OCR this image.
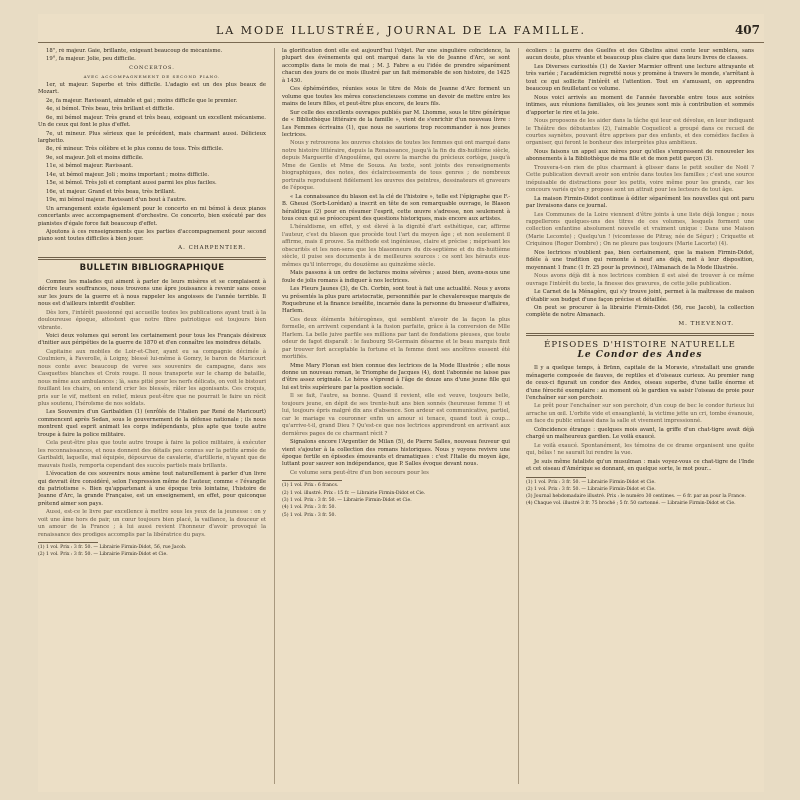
LA MODE ILLUSTRÉE, JOURNAL DE LA FAMILLE.	407

18°, ré majeur. Gaie, brillante, exigeant beaucoup de mécanisme.

19°, fa majeur. Jolie, peu difficile.

CONCERTOS.

AVEC ACCOMPAGNEMENT DE SECOND PIANO.

1er, ut majeur. Superbe et très difficile. L'adagio est un des plus beaux de Mozart.

2e, fa majeur. Ravissant, aimable et gai ; moins difficile que le premier.

4e, si bémol. Très beau, très brillant et difficile.

6e, mi bémol majeur. Très grand et très beau, exigeant un excellent mécanisme. Un de ceux qui font le plus d'effet.

7e, ut mineur. Plus sérieux que le précédent, mais charmant aussi. Délicieux larghetto.

8e, ré mineur. Très célèbre et le plus connu de tous. Très difficile.

9e, sol majeur. Joli et moins difficile.

11e, si bémol majeur. Ravissant.

14e, ut bémol majeur. Joli ; moins important ; moins difficile.

15e, si bémol. Très joli et comptant aussi parmi les plus faciles.

16e, ut majeur. Grand et très beau, très brillant.

19e, mi bémol majeur. Ravissant d'un bout à l'autre.

Un arrangement existe également pour le concerto en mi bémol à deux pianos concertants avec accompagnement d'orchestre. Ce concerto, bien exécuté par des pianistes d'égale force fait beaucoup d'effet.

Ajoutons à ces renseignements que les parties d'accompagnement pour second piano sont toutes difficiles à bien jouer.

A. CHARPENTIER.

BULLETIN BIBLIOGRAPHIQUE

Comme les malades qui aiment à parler de leurs misères et se complaisent à décrire leurs souffrances, nous trouvons une âpre jouissance à revenir sans cesse sur les jours de la guerre et à nous rappeler les angoisses de l'année terrible. Il nous est d'ailleurs interdit d'oublier.

Dès lors, l'intérêt passionné qui accueille toutes les publications ayant trait à la douloureuse époque, attestent que notre fibre patriotique est toujours bien vibrante.

Voici deux volumes qui seront les certainement pour tous les Français désireux d'initier aux péripéties de la guerre de 1870 et d'en connaître les moindres détails.

Capitaine aux mobiles de Loir-et-Cher, ayant eu sa compagnie décimée à Coulmiers, à Faverolle, à Loigny, blessé lui-même à Gomry, le baron de Maricourt nous conte avec beaucoup de verve ses souvenirs de campagne, dans ses Casquettes blanches et Croix rouge. Il nous transporte sur le champ de bataille, nous même aux ambulances ; là, sans pitié pour les nerfs délicats, on voit le bistouri fouillant les chairs, on entend crier les blessés, râler les agonisants. Ces croquis, pris sur le vif, mettent en relief, mieux peut-être que ne pourrait le faire un récit plus soutenu, l'héroïsme de nos soldats.

Les Souvenirs d'un Garibaldien (1) (enrôlés de l'italien par René de Maricourt) commencent après Sedan, sous le gouvernement de la défense nationale ; ils nous montrent quel esprit animait les corps indépendants, plus apte que toute autre troupe à faire la police militaire.

Cela peut-être plus que toute autre troupe à faire la police militaire, à exécuter les reconnaissances, et nous donnent des détails peu connus sur la petite armée de Garibaldi, laquelle, mal équipée, dépourvue de cavalerie, d'artillerie, n'ayant que de mauvais fusils, remporta cependant des succès partiels mais brillants.

L'évocation de ces souvenirs nous amène tout naturellement à parler d'un livre qui devrait être considéré, selon l'expression même de l'auteur, comme « l'évangile du patriotisme ». Bien qu'appartenant à une époque très lointaine, l'histoire de Jeanne d'Arc, la grande Française, est un enseignement, en effet, pour quiconque prétend aimer son pays.

Aussi, est-ce le livre par excellence à mettre sous les yeux de la jeunesse : on y voit une âme hors de pair, un cœur toujours bien placé, la vaillance, la douceur et un amour de la France ; à lui aussi revient l'honneur d'avoir provoqué la renaissance des prodiges accomplis par la libératrice du pays.

(1) 1 vol. Prix : 3 fr. 50. — Librairie Firmin-Didot, 56, rue Jacob.

(2) 1 vol. Prix : 3 fr. 50. — Librairie Firmin-Didot et Cie.

la glorification dont elle est aujourd'hui l'objet. Par une singulière coïncidence, la plupart des événements qui ont marqué dans la vie de Jeanne d'Arc, se sont accomplis dans le mois de mai ; M. J. Fabre a eu l'idée de prendre séparément chacun des jours de ce mois illustré par un fait mémorable de son histoire, de 1425 à 1430.

Ces éphémérides, réunies sous le titre de Mois de Jeanne d'Arc forment un volume que toutes les mères consciencieuses comme un devoir de mettre entre les mains de leurs filles, et peut-être plus encore, de leurs fils.

Sur celle des excellents ouvrages publiés par M. Lhomme, sous le titre générique de « Bibliothèque littéraire de la famille », vient de s'enrichir d'un nouveau livre : Les Femmes écrivains (1), que nous ne saurions trop recommander à nos jeunes lectrices.

Nous y retrouvons les œuvres choisies de toutes les femmes qui ont marqué dans notre histoire littéraire, depuis la Renaissance, jusqu'à la fin du dix-huitième siècle, depuis Marguerite d'Angoulême, qui ouvre la marche du précieux cortège, jusqu'à Mme de Genlis et Mme de Souza. Au texte, sont joints des renseignements biographiques, des notes, des éclaircissements de tous genres ; de nombreux portraits reproduisent fidèlement les œuvres des peintres, dessinateurs et graveurs de l'époque.

« La connaissance du blason est la clé de l'histoire », telle est l'épigraphe que F.-B. Gheusi (Sorb-Lorédan) a inscrit en tête de son remarquable ouvrage, le Blason héraldique (2) pour en résumer l'esprit, cette œuvre s'adresse, non seulement à tous ceux qui se préoccupent des questions historiques, mais encore aux artistes.

L'héraldisme, en effet, y est élevé à la dignité d'art esthétique, car, affirme l'auteur, c'est du blason que procède tout l'art du moyen âge ; et non seulement il affirme, mais il prouve. Sa méthode est ingénieuse, claire et précise ; méprisant les obscurités et les non-sens que les blasonneurs du dix-septième et du dix-huitième siècle, il puise ses documents à de meilleures sources : ce sont les hérauts eux-mêmes qu'il interroge, du douzième au quinzième siècle.

Mais passons à un ordre de lectures moins sévères ; aussi bien, avons-nous une foule de jolis romans à indiquer à nos lectrices.

Les Fleurs Jaunes (3), de Ch. Corbin, sont tout à fait une actualité. Nous y avons vu présentés la plus pure aristocratie, personnifiée par le chevaleresque marquis de Roquebrune et la finance israélite, incarnée dans la personne du brasseur d'affaires, Harlem.

Ces deux éléments hétérogènes, qui semblent n'avoir de la façon la plus formelle, en arrivent cependant à la fusion parfaite, grâce à la conversion de Mlle Harlem. La belle juive parfile ses millions par tant de fondations pieuses, que toute odeur de fagot disparaît : le faubourg St-Germain désarme et le beau marquis finit par trouver fort acceptable la fortune et la femme dont ses ancêtres eussent été mortifiés.

Mme Mary Floran est bien connue des lectrices de la Mode Illustrée ; elle nous donne un nouveau roman, le Triomphe de Jacques (4), dont l'abonnée ne laisse pas d'être assez originale. Le héros s'éprend à l'âge de douze ans d'une jeune fille qui lui est très supérieure par la position sociale.

Il se fait, l'autre, sa bonne. Quand il revient, elle est veuve, toujours belle, toujours jeune, en dépit de ses trente-huit ans bien sonnés (heureuse femme !) et lui, toujours épris malgré dix ans d'absence. Son ardeur est communicative, partiel, car le mariage va couronner enfin un amour si tenace, quand tout à coup... qu'arrive-t-il, grand Dieu ? Qu'est-ce que nos lectrices apprendront en arrivant aux dernières pages de ce charmant récit ?

Signalons encore l'Argentier de Milan (5), de Pierre Salles, nouveau feuveur qui vient s'ajouter à la collection des romans historiques. Nous y voyons revivre une époque fertile en épisodes émouvants et dramatiques : c'est l'Italie du moyen âge, luttant pour sauver son indépendance, que P. Salles évoque devant nous.

Ce volume sera peut-être d'un bon secours pour les

(1) 1 vol. Prix : 6 francs.

(2) 1 vol. illustré. Prix : 15 fr. — Librairie Firmin-Didot et Cie.

(3) 1 vol. Prix : 3 fr. 50. — Librairie Firmin-Didot et Cie.

(4) 1 vol. Prix : 3 fr. 50.

(5) 1 vol. Prix : 3 fr. 50.

écoliers : la guerre des Guelfes et des Gibelins ainsi conte leur semblera, sans aucun doute, plus vivante et beaucoup plus claire que dans leurs livres de classes.

Les Diverses curiosités (1) de Xavier Marmier offrent une lecture attrayante et très variée ; l'académicien regretté nous y promène à travers le monde, s'arrêtant à tout ce qui sollicite l'intérêt et l'attention. Tout en s'amusant, on apprendra beaucoup en feuilletant ce volume.

Nous voici arrivés au moment de l'année favorable entre tous aux soirées intimes, aux réunions familiales, où les jeunes sont mis à contribution et sommés d'apporter le rire et la joie.

Nous proposons de les aider dans la tâche qui leur est dévolue, en leur indiquant le Théâtre des débutantes (2), l'aimable Coquelicot a groupé dans ce recueil de courtes saynètes, pouvant être apprises par des enfants, et des comédies faciles à organiser, qui feront le bonheur des interprètes plus ambitieux.

Nous faisons un appel aux mères pour qu'elles s'empressent de renouveler les abonnements à la Bibliothèque de ma fille et de mon petit garçon (3).

Trouvera-t-on rien de plus charmant à glisser dans le petit soulier de Noël ? Cette publication devrait avoir son entrée dans toutes les familles ; c'est une source inépuisable de distractions pour les petits, voire même pour les grands, car les concours variés qu'on y propose sont un attrait pour les lecteurs de tout âge.

La maison Firmin-Didot continue à éditer séparément les nouvelles qui ont paru par livraisons dans ce journal.

Les Communes de la Loire viennent d'être joints à une liste déjà longue ; nous rappellerons quelques-uns des titres de ces volumes, lesquels forment une collection enfantine absolument nouvelle et vraiment unique : Dans une Maison (Marie Lecomte) ; Quelqu'un ! (vicomtesse de Pitray, née de Ségur) ; Criquette et Criquinou (Roger Dombre) ; On ne pleure pas toujours (Marie Lacorte) (4).

Nos lectrices n'oublient pas, bien certainement, que la maison Firmin-Didot, fidèle à une tradition qui remonte à neuf ans déjà, met à leur disposition, moyennant 1 franc (1 fr. 25 pour la province), l'Almanach de la Mode Illustrée.

Nous avons déjà dit à nos lectrices combien il est aisé de trouver à ce même ouvrage l'intérêt du texte, la finesse des gravures, de cette jolie publication.

Le Carnet de la Ménagère, qui s'y trouve joint, permet à la maîtresse de maison d'établir son budget d'une façon précise et détaillée.

On peut se procurer à la librairie Firmin-Didot (56, rue Jacob), la collection complète de notre Almanach.

M. THEVENOT.

ÉPISODES D'HISTOIRE NATURELLE
Le Condor des Andes

Il y a quelque temps, à Brünn, capitale de la Moravie, s'installait une grande ménagerie composée de fauves, de reptiles et d'oiseaux curieux. Au premier rang de ceux-ci figurait un condor des Andes, oiseau superbe, d'une taille énorme et d'une férocité exemplaire : au moment où le gardien va saisir l'oiseau de proie pour l'enchaîner sur son perchoir.

Le prêt pour l'enchaîner sur son perchoir, d'un coup de bec le condor furieux lui arrache un œil. L'orbite vide et ensanglanté, la victime jette un cri, tombe évanouie, en face du public entassé dans la salle et vivement impressionné.

Coïncidence étrange : quelques mois avant, la griffe d'un chat-tigre avait déjà chargé un malheureux gardien. Le voilà exaucé.

Le voilà exaucé. Spontanément, les témoins de ce drame organisent une quête qui, bélas ! ne saurait lui rendre la vue.

Je suis même fataliste qu'un musulman : mais voyez-vous ce chat-tigre de l'Inde et cet oiseau d'Amérique se donnant, en quelque sorte, le mot pour...

(1) 1 vol. Prix : 3 fr. 50. — Librairie Firmin-Didot et Cie.

(2) 1 vol. Prix : 3 fr. 50. — Librairie Firmin-Didot et Cie.

(3) Journal hebdomadaire illustré. Prix : le numéro 30 centimes. — 6 fr. par an pour la France.

(4) Chaque vol. illustré 3 fr. 75 broché ; 5 fr. 50 cartonné. — Librairie Firmin-Didot et Cie.
